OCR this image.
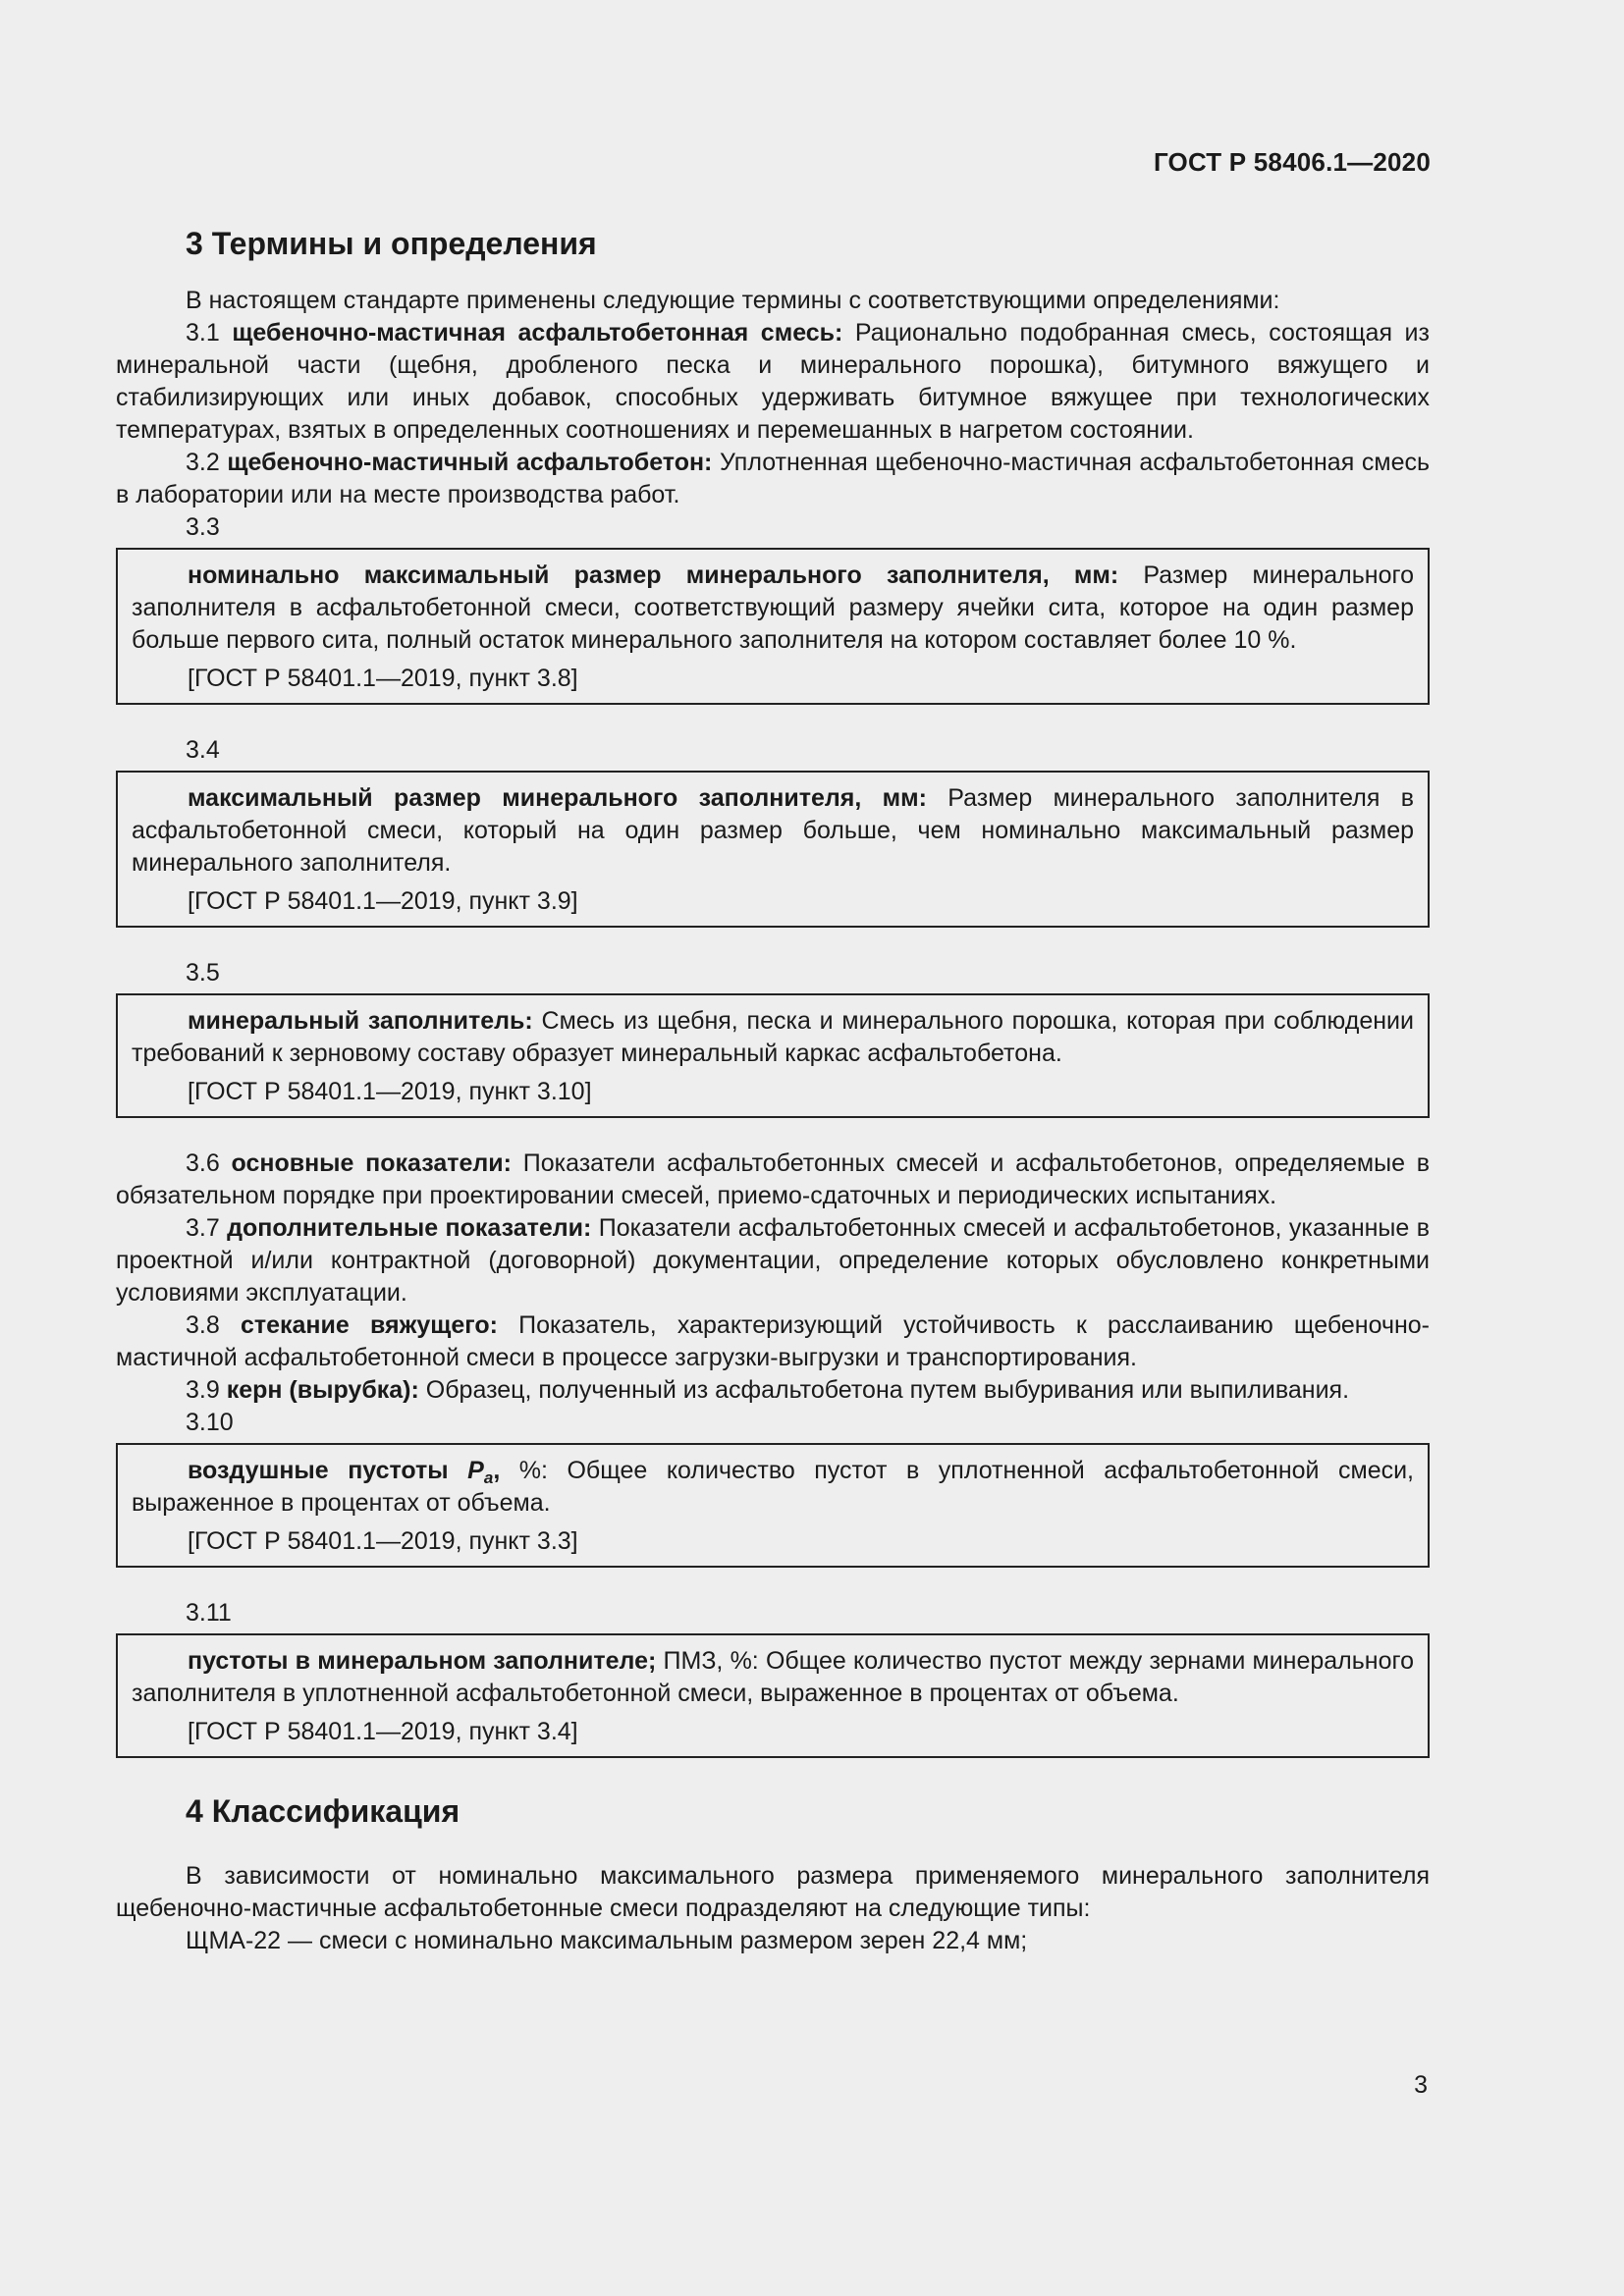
ГОСТ Р 58406.1—2020
3 Термины и определения

В настоящем стандарте применены следующие термины с соответствующими определениями:

3.1 щебеночно-мастичная асфальтобетонная смесь: Рационально подобранная смесь, состоящая из минеральной части (щебня, дробленого песка и минерального порошка), битумного вяжущего и стабилизирующих или иных добавок, способных удерживать битумное вяжущее при технологических температурах, взятых в определенных соотношениях и перемешанных в нагретом состоянии.

3.2 щебеночно-мастичный асфальтобетон: Уплотненная щебеночно-мастичная асфальтобетонная смесь в лаборатории или на месте производства работ.

3.3

номинально максимальный размер минерального заполнителя, мм: Размер минерального заполнителя в асфальтобетонной смеси, соответствующий размеру ячейки сита, которое на один размер больше первого сита, полный остаток минерального заполнителя на котором составляет более 10 %.

[ГОСТ Р 58401.1—2019, пункт 3.8]

3.4

максимальный размер минерального заполнителя, мм: Размер минерального заполнителя в асфальтобетонной смеси, который на один размер больше, чем номинально максимальный размер минерального заполнителя.

[ГОСТ Р 58401.1—2019, пункт 3.9]

3.5

минеральный заполнитель: Смесь из щебня, песка и минерального порошка, которая при соблюдении требований к зерновому составу образует минеральный каркас асфальтобетона.

[ГОСТ Р 58401.1—2019, пункт 3.10]

3.6 основные показатели: Показатели асфальтобетонных смесей и асфальтобетонов, определяемые в обязательном порядке при проектировании смесей, приемо-сдаточных и периодических испытаниях.

3.7 дополнительные показатели: Показатели асфальтобетонных смесей и асфальтобетонов, указанные в проектной и/или контрактной (договорной) документации, определение которых обусловлено конкретными условиями эксплуатации.

3.8 стекание вяжущего: Показатель, характеризующий устойчивость к расслаиванию щебеночно-мастичной асфальтобетонной смеси в процессе загрузки-выгрузки и транспортирования.

3.9 керн (вырубка): Образец, полученный из асфальтобетона путем выбуривания или выпиливания.

3.10

воздушные пустоты $P_a$, %: Общее количество пустот в уплотненной асфальтобетонной смеси, выраженное в процентах от объема.

[ГОСТ Р 58401.1—2019, пункт 3.3]

3.11

пустоты в минеральном заполнителе; ПМЗ, %: Общее количество пустот между зернами минерального заполнителя в уплотненной асфальтобетонной смеси, выраженное в процентах от объема.

[ГОСТ Р 58401.1—2019, пункт 3.4]

4 Классификация

В зависимости от номинально максимального размера применяемого минерального заполнителя щебеночно-мастичные асфальтобетонные смеси подразделяют на следующие типы:

ЩМА-22 — смеси с номинально максимальным размером зерен 22,4 мм;

3
